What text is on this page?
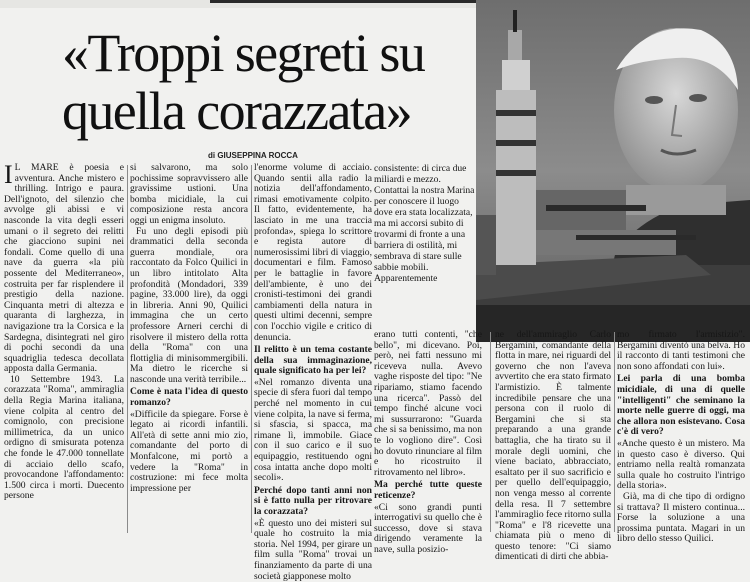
«Troppi segreti su quella corazzata»
di GIUSEPPINA ROCCA

I L MARE è poesia e avventura. Anche mistero e thrilling. Intrigo e paura. Dell'ignoto, del silenzio che avvolge gli abissi e vi nasconde la vita degli esseri umani o il segreto dei relitti che giacciono supini nei fondali. Come quello di una nave da guerra «la più possente del Mediterraneo», costruita per far risplendere il prestigio della nazione. Cinquanta metri di altezza e quaranta di larghezza, in navigazione tra la Corsica e la Sardegna, disintegrati nel giro di pochi secondi da una squadriglia tedesca decollata apposta dalla Germania.

10 Settembre 1943. La corazzata "Roma", ammiraglia della Regia Marina italiana, viene colpita al centro del comignolo, con precisione millimetrica, da un unico ordigno di smisurata potenza che fonde le 47.000 tonnellate di acciaio dello scafo, provocandone l'affondamento: 1.500 circa i morti. Duecento persone

si salvarono, ma solo pochissime sopravvissero alle gravissime ustioni. Una bomba micidiale, la cui composizione resta ancora oggi un enigma insoluto.

Fu uno degli episodi più drammatici della seconda guerra mondiale, ora raccontato da Folco Quilici in un libro intitolato Alta profondità (Mondadori, 339 pagine, 33.000 lire), da oggi in libreria. Anni 90, Quilici immagina che un certo professore Arneri cerchi di risolvere il mistero della rotta della "Roma" con una flottiglia di minisommergibili. Ma dietro le ricerche si nasconde una verità terribile...

Come è nata l'idea di questo romanzo?

«Difficile da spiegare. Forse è legato ai ricordi infantili. All'età di sette anni mio zio, comandante del porto di Monfalcone, mi portò a vedere la "Roma" in costruzione: mi fece molta impressione per

l'enorme volume di acciaio. Quando sentii alla radio la notizia dell'affondamento, rimasi emotivamente colpito. Il fatto, evidentemente, ha lasciato in me una traccia profonda», spiega lo scrittore e regista autore di numerosissimi libri di viaggio, documentari e film. Famoso per le battaglie in favore dell'ambiente, è uno dei cronisti-testimoni dei grandi cambiamenti della natura in questi ultimi decenni, sempre con l'occhio vigile e critico di denuncia.

Il relitto è un tema costante della sua immaginazione, quale significato ha per lei?

«Nel romanzo diventa una specie di sfera fuori dal tempo perché nel momento in cui viene colpita, la nave si ferma, si sfascia, si spacca, ma rimane lì, immobile. Giace con il suo carico e il suo equipaggio, restituendo ogni cosa intatta anche dopo molti secoli».

Perché dopo tanti anni non si è fatto nulla per ritrovare la corazzata?

«È questo uno dei misteri sul quale ho costruito la mia storia. Nel 1994, per girare un film sulla "Roma" trovai un finanziamento da parte di una società giapponese molto

consistente: di circa due miliardi e mezzo. Contattai la nostra Marina per conoscere il luogo dove era stata localizzata, ma mi accorsi subito di trovarmi di fronte a una barriera di ostilità, mi sembrava di stare sulle sabbie mobili. Apparentemente

erano tutti contenti, "che bello", mi dicevano. Poi, però, nei fatti nessuno mi riceveva nulla. Avevo vaghe risposte del tipo: "Ne ripariamo, stiamo facendo una ricerca". Passò del tempo finché alcune voci mi sussurrarono: "Guarda che si sa benissimo, ma non te lo vogliono dire". Così ho dovuto rinunciare al film e ho ricostruito il ritrovamento nel libro».

Ma perché tutte queste reticenze?

«Ci sono grandi punti interrogativi su quello che è successo, dove si stava dirigendo veramente la nave, sulla posizio-

ne dell'ammiraglio Carlo Bergamini, comandante della flotta in mare, nei riguardi del governo che non l'aveva avvertito che era stato firmato l'armistizio. È talmente incredibile pensare che una persona con il ruolo di Bergamini che si sta preparando a una grande battaglia, che ha tirato su il morale degli uomini, che viene baciato, abbracciato, esaltato per il suo sacrificio e per quello dell'equipaggio, non venga messo al corrente della resa. Il 7 settembre l'ammiraglio fece ritorno sulla "Roma" e l'8 ricevette una chiamata più o meno di questo tenore: "Ci siamo dimenticati di dirti che abbia-

mo firmato l'armistizio". Bergamini diventò una belva. Ho il racconto di tanti testimoni che non sono affondati con lui».

Lei parla di una bomba micidiale, di una di quelle "intelligenti" che seminano la morte nelle guerre di oggi, ma che allora non esistevano. Cosa c'è di vero?

«Anche questo è un mistero. Ma in questo caso è diverso. Qui entriamo nella realtà romanzata sulla quale ho costruito l'intrigo della storia».

Già, ma di che tipo di ordigno si trattava? Il mistero continua... Forse la soluzione a una prossima puntata. Magari in un libro dello stesso Quilici.
